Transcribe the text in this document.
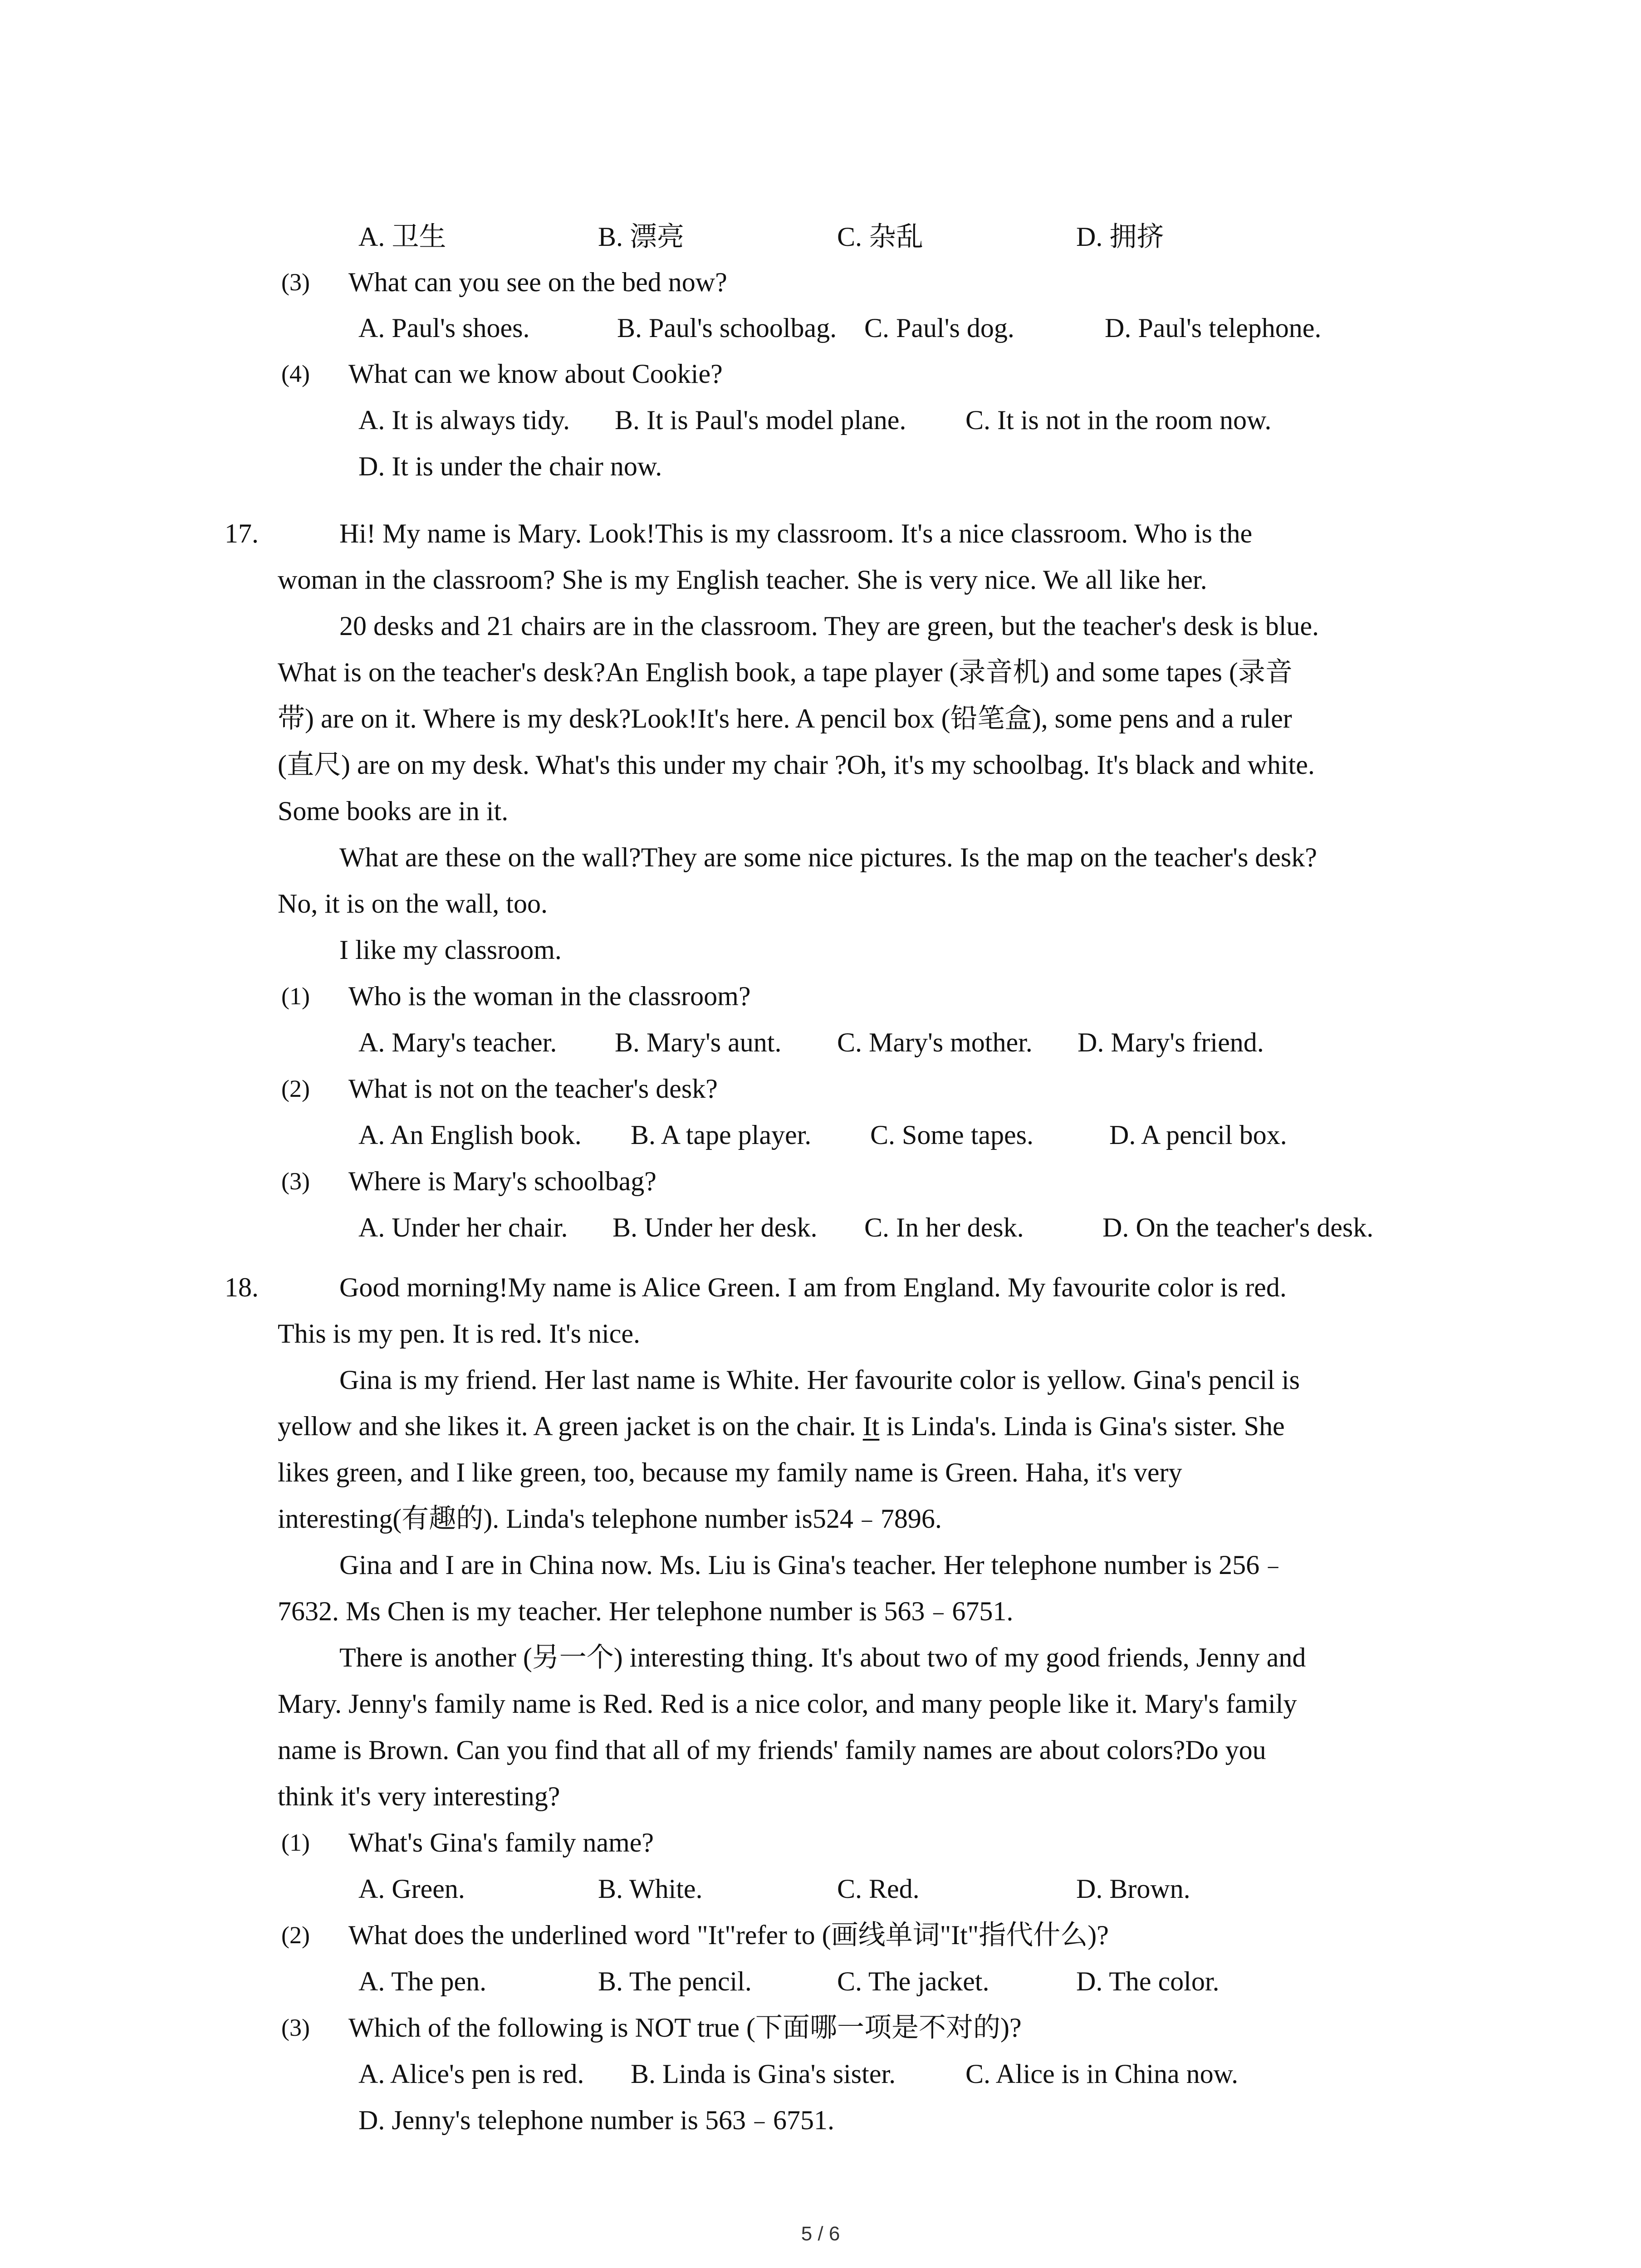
A. 卫生	B. 漂亮	C. 杂乱	D. 拥挤
(3) What can you see on the bed now?
A. Paul's shoes.	B. Paul's schoolbag. C. Paul's dog.	D. Paul's telephone.
(4) What can we know about Cookie?
A. It is always tidy. B. It is Paul's model plane. C. It is not in the room now.
D. It is under the chair now.
17.	Hi! My name is Mary. Look!This is my classroom. It's a nice classroom. Who is the
woman in the classroom? She is my English teacher. She is very nice. We all like her.
20 desks and 21 chairs are in the classroom. They are green, but the teacher's desk is blue.
What is on the teacher's desk?An English book, a tape player (录音机) and some tapes (录音
带) are on it. Where is my desk?Look!It's here. A pencil box (铅笔盒), some pens and a ruler
(直尺) are on my desk. What's this under my chair ?Oh, it's my schoolbag. It's black and white.
Some books are in it.
What are these on the wall?They are some nice pictures. Is the map on the teacher's desk?
No, it is on the wall, too.
I like my classroom.
(1) Who is the woman in the classroom?
A. Mary's teacher. B. Mary's aunt. C. Mary's mother. D. Mary's friend.
(2) What is not on the teacher's desk?
A. An English book. B. A tape player. C. Some tapes.	D. A pencil box.
(3) Where is Mary's schoolbag?
A. Under her chair. B. Under her desk. C. In her desk.	D. On the teacher's desk.
18.	Good morning!My name is Alice Green. I am from England. My favourite color is red.
This is my pen. It is red. It's nice.
Gina is my friend. Her last name is White. Her favourite color is yellow. Gina's pencil is
yellow and she likes it. A green jacket is on the chair. It is Linda's. Linda is Gina's sister. She
likes green, and I like green, too, because my family name is Green. Haha, it's very
interesting(有趣的). Linda's telephone number is524﹣7896.
Gina and I are in China now. Ms. Liu is Gina's teacher. Her telephone number is 256﹣
7632. Ms Chen is my teacher. Her telephone number is 563﹣6751.
There is another (另一个) interesting thing. It's about two of my good friends, Jenny and
Mary. Jenny's family name is Red. Red is a nice color, and many people like it. Mary's family
name is Brown. Can you find that all of my friends' family names are about colors?Do you
think it's very interesting?
(1) What's Gina's family name?
A. Green.	B. White.	C. Red.	D. Brown.
(2) What does the underlined word "It"refer to (画线单词"It"指代什么)?
A. The pen.	B. The pencil.	C. The jacket.	D. The color.
(3) Which of the following is NOT true (下面哪一项是不对的)?
A. Alice's pen is red. B. Linda is Gina's sister.	C. Alice is in China now.
D. Jenny's telephone number is 563﹣6751.
5 / 6
